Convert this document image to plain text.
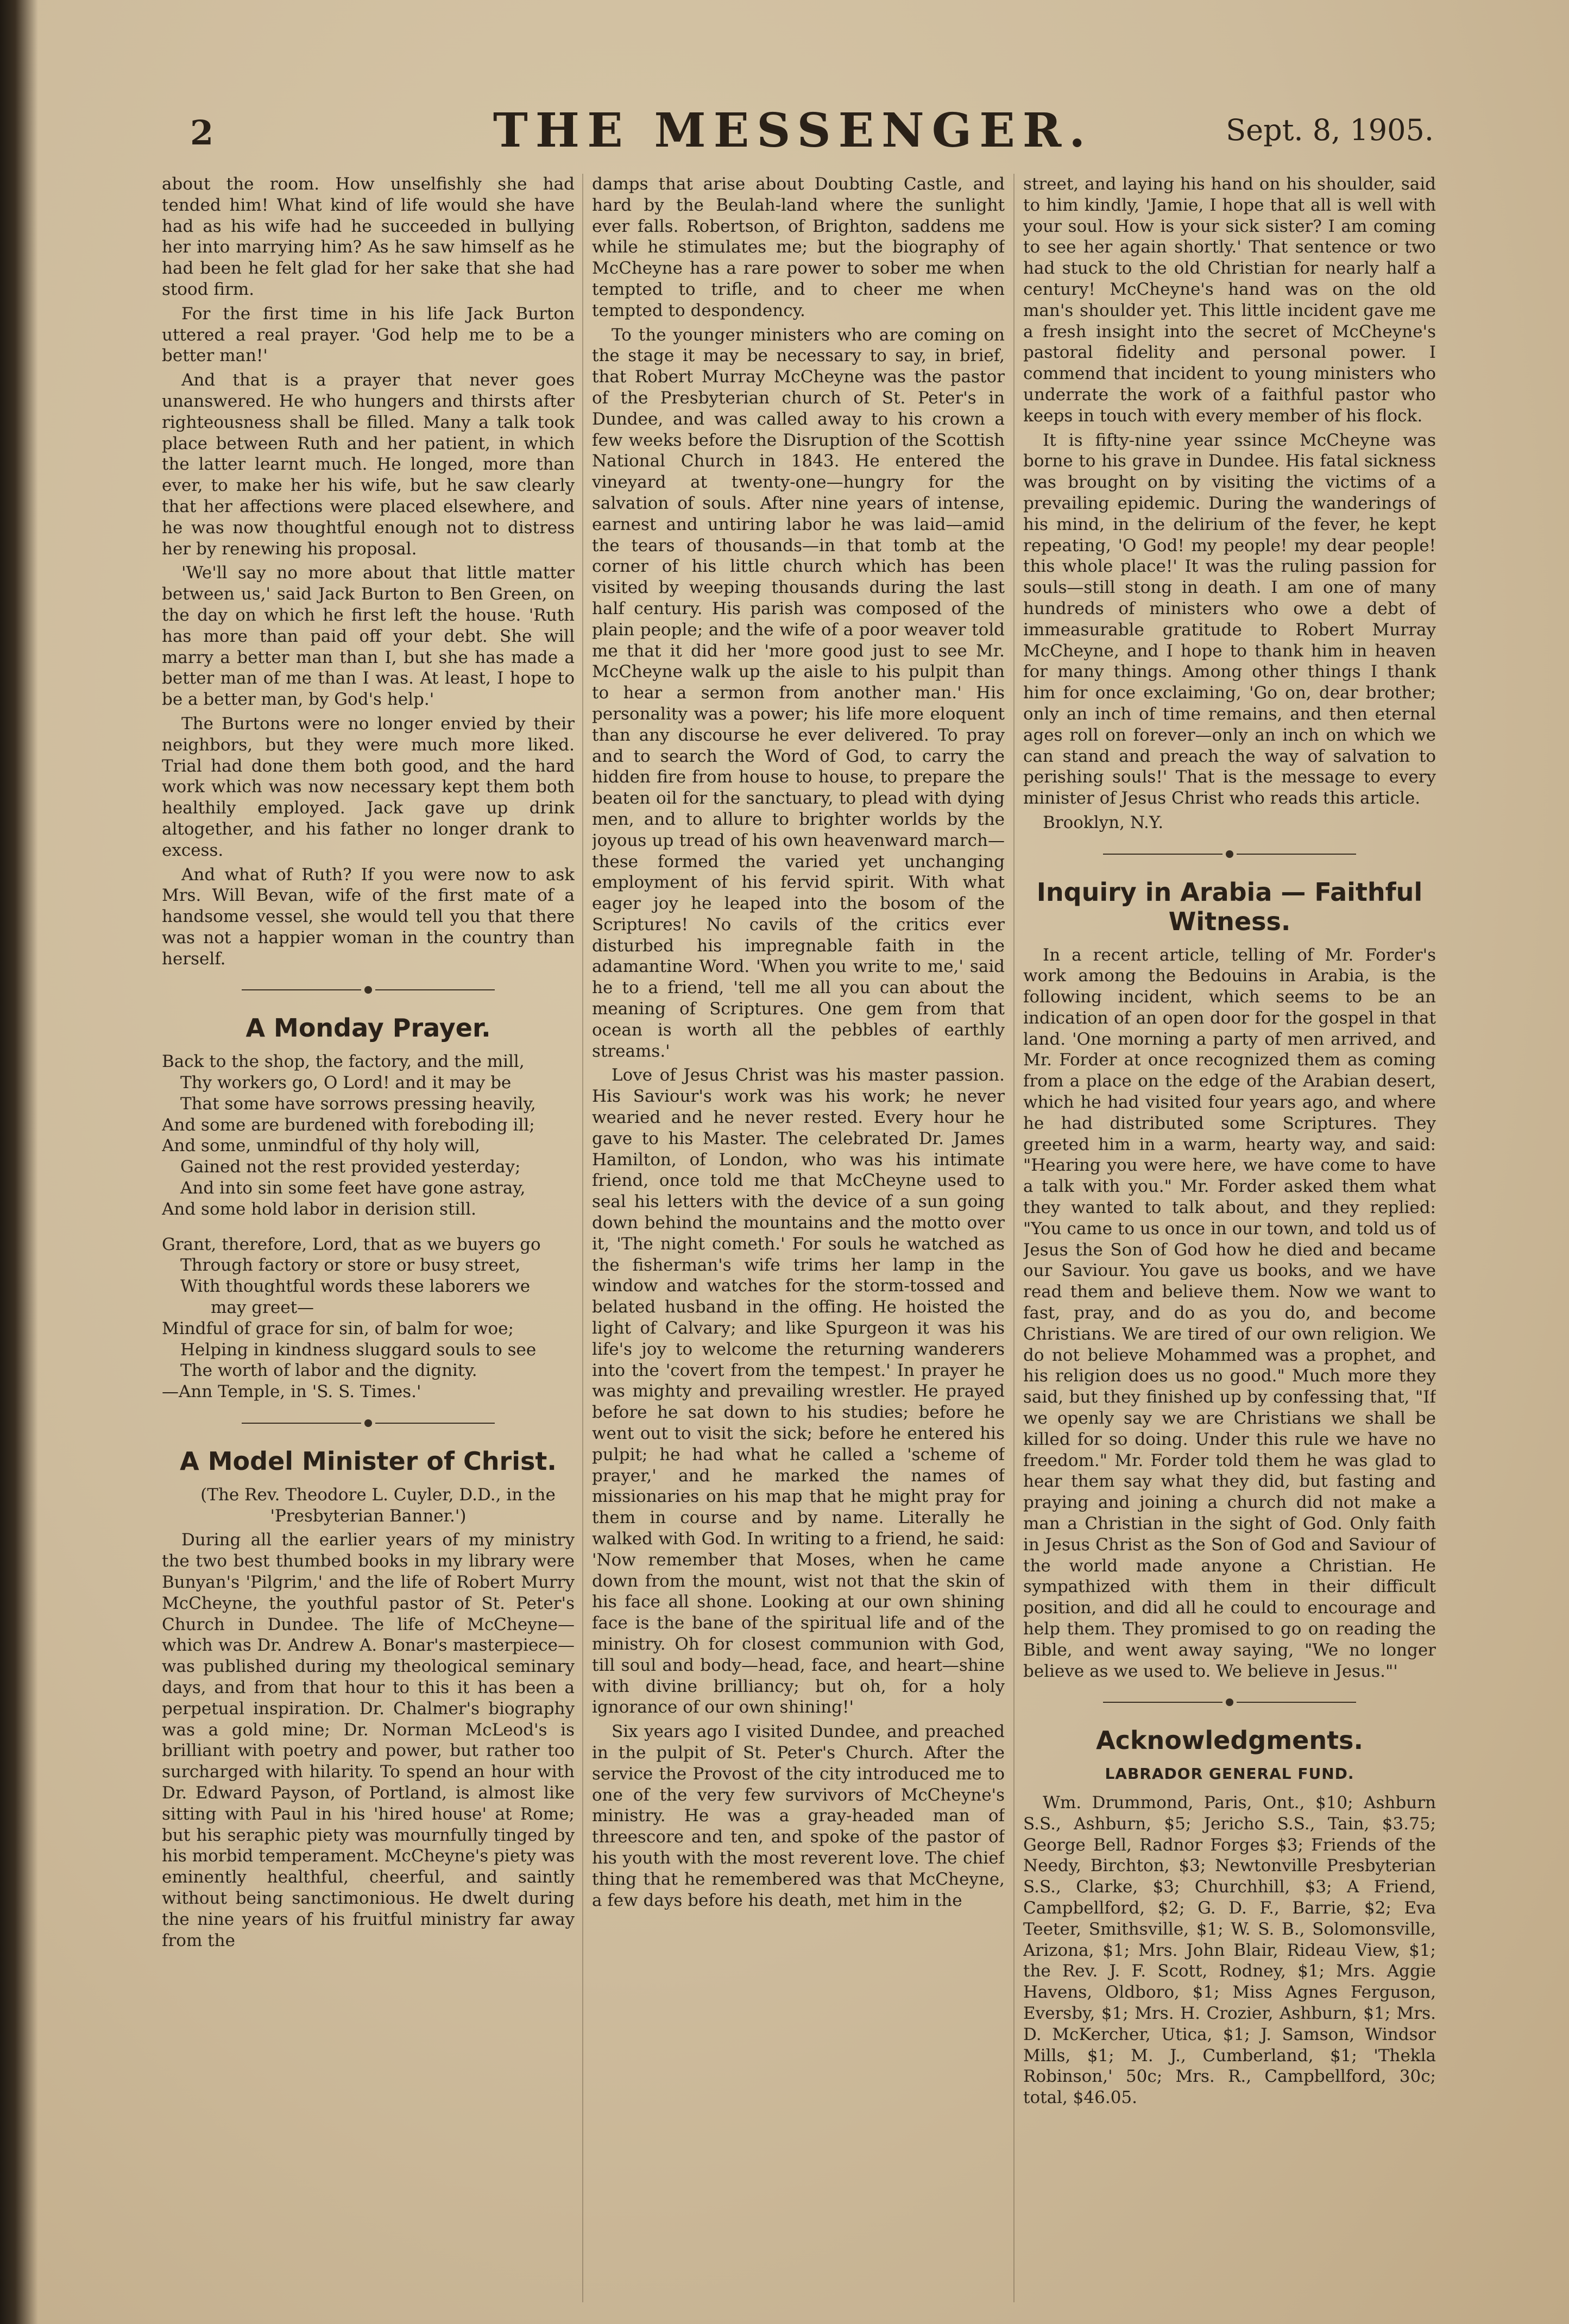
2	THE MESSENGER.	Sept. 8, 1905.

about the room. How unselfishly she had tended him! What kind of life would she have had as his wife had he succeeded in bullying her into marrying him? As he saw himself as he had been he felt glad for her sake that she had stood firm.

For the first time in his life Jack Burton uttered a real prayer. 'God help me to be a better man!'

And that is a prayer that never goes unanswered. He who hungers and thirsts after righteousness shall be filled. Many a talk took place between Ruth and her patient, in which the latter learnt much. He longed, more than ever, to make her his wife, but he saw clearly that her affections were placed elsewhere, and he was now thoughtful enough not to distress her by renewing his proposal.

'We'll say no more about that little matter between us,' said Jack Burton to Ben Green, on the day on which he first left the house. 'Ruth has more than paid off your debt. She will marry a better man than I, but she has made a better man of me than I was. At least, I hope to be a better man, by God's help.'

The Burtons were no longer envied by their neighbors, but they were much more liked. Trial had done them both good, and the hard work which was now necessary kept them both healthily employed. Jack gave up drink altogether, and his father no longer drank to excess.

And what of Ruth? If you were now to ask Mrs. Will Bevan, wife of the first mate of a handsome vessel, she would tell you that there was not a happier woman in the country than herself.

A Monday Prayer.

Back to the shop, the factory, and the mill,

Thy workers go, O Lord! and it may be

That some have sorrows pressing heavily,

And some are burdened with foreboding ill;

And some, unmindful of thy holy will,

Gained not the rest provided yesterday;

And into sin some feet have gone astray,

And some hold labor in derision still.

Grant, therefore, Lord, that as we buyers go

Through factory or store or busy street,

With thoughtful words these laborers we

may greet—

Mindful of grace for sin, of balm for woe;

Helping in kindness sluggard souls to see

The worth of labor and the dignity.

—Ann Temple, in 'S. S. Times.'

A Model Minister of Christ.

(The Rev. Theodore L. Cuyler, D.D., in the 'Presbyterian Banner.')

During all the earlier years of my ministry the two best thumbed books in my library were Bunyan's 'Pilgrim,' and the life of Robert Murry McCheyne, the youthful pastor of St. Peter's Church in Dundee. The life of McCheyne—which was Dr. Andrew A. Bonar's masterpiece—was published during my theological seminary days, and from that hour to this it has been a perpetual inspiration. Dr. Chalmer's biography was a gold mine; Dr. Norman McLeod's is brilliant with poetry and power, but rather too surcharged with hilarity. To spend an hour with Dr. Edward Payson, of Portland, is almost like sitting with Paul in his 'hired house' at Rome; but his seraphic piety was mournfully tinged by his morbid temperament. McCheyne's piety was eminently healthful, cheerful, and saintly without being sanctimonious. He dwelt during the nine years of his fruitful ministry far away from the

damps that arise about Doubting Castle, and hard by the Beulah-land where the sunlight ever falls. Robertson, of Brighton, saddens me while he stimulates me; but the biography of McCheyne has a rare power to sober me when tempted to trifle, and to cheer me when tempted to despondency.

To the younger ministers who are coming on the stage it may be necessary to say, in brief, that Robert Murray McCheyne was the pastor of the Presbyterian church of St. Peter's in Dundee, and was called away to his crown a few weeks before the Disruption of the Scottish National Church in 1843. He entered the vineyard at twenty-one—hungry for the salvation of souls. After nine years of intense, earnest and untiring labor he was laid—amid the tears of thousands—in that tomb at the corner of his little church which has been visited by weeping thousands during the last half century. His parish was composed of the plain people; and the wife of a poor weaver told me that it did her 'more good just to see Mr. McCheyne walk up the aisle to his pulpit than to hear a sermon from another man.' His personality was a power; his life more eloquent than any discourse he ever delivered. To pray and to search the Word of God, to carry the hidden fire from house to house, to prepare the beaten oil for the sanctuary, to plead with dying men, and to allure to brighter worlds by the joyous up tread of his own heavenward march—these formed the varied yet unchanging employment of his fervid spirit. With what eager joy he leaped into the bosom of the Scriptures! No cavils of the critics ever disturbed his impregnable faith in the adamantine Word. 'When you write to me,' said he to a friend, 'tell me all you can about the meaning of Scriptures. One gem from that ocean is worth all the pebbles of earthly streams.'

Love of Jesus Christ was his master passion. His Saviour's work was his work; he never wearied and he never rested. Every hour he gave to his Master. The celebrated Dr. James Hamilton, of London, who was his intimate friend, once told me that McCheyne used to seal his letters with the device of a sun going down behind the mountains and the motto over it, 'The night cometh.' For souls he watched as the fisherman's wife trims her lamp in the window and watches for the storm-tossed and belated husband in the offing. He hoisted the light of Calvary; and like Spurgeon it was his life's joy to welcome the returning wanderers into the 'covert from the tempest.' In prayer he was mighty and prevailing wrestler. He prayed before he sat down to his studies; before he went out to visit the sick; before he entered his pulpit; he had what he called a 'scheme of prayer,' and he marked the names of missionaries on his map that he might pray for them in course and by name. Literally he walked with God. In writing to a friend, he said: 'Now remember that Moses, when he came down from the mount, wist not that the skin of his face all shone. Looking at our own shining face is the bane of the spiritual life and of the ministry. Oh for closest communion with God, till soul and body—head, face, and heart—shine with divine brilliancy; but oh, for a holy ignorance of our own shining!'

Six years ago I visited Dundee, and preached in the pulpit of St. Peter's Church. After the service the Provost of the city introduced me to one of the very few survivors of McCheyne's ministry. He was a gray-headed man of threescore and ten, and spoke of the pastor of his youth with the most reverent love. The chief thing that he remembered was that McCheyne, a few days before his death, met him in the

street, and laying his hand on his shoulder, said to him kindly, 'Jamie, I hope that all is well with your soul. How is your sick sister? I am coming to see her again shortly.' That sentence or two had stuck to the old Christian for nearly half a century! McCheyne's hand was on the old man's shoulder yet. This little incident gave me a fresh insight into the secret of McCheyne's pastoral fidelity and personal power. I commend that incident to young ministers who underrate the work of a faithful pastor who keeps in touch with every member of his flock.

It is fifty-nine year ssince McCheyne was borne to his grave in Dundee. His fatal sickness was brought on by visiting the victims of a prevailing epidemic. During the wanderings of his mind, in the delirium of the fever, he kept repeating, 'O God! my people! my dear people! this whole place!' It was the ruling passion for souls—still stong in death. I am one of many hundreds of ministers who owe a debt of immeasurable gratitude to Robert Murray McCheyne, and I hope to thank him in heaven for many things. Among other things I thank him for once exclaiming, 'Go on, dear brother; only an inch of time remains, and then eternal ages roll on forever—only an inch on which we can stand and preach the way of salvation to perishing souls!' That is the message to every minister of Jesus Christ who reads this article.

Brooklyn, N.Y.

Inquiry in Arabia — Faithful Witness.

In a recent article, telling of Mr. Forder's work among the Bedouins in Arabia, is the following incident, which seems to be an indication of an open door for the gospel in that land. 'One morning a party of men arrived, and Mr. Forder at once recognized them as coming from a place on the edge of the Arabian desert, which he had visited four years ago, and where he had distributed some Scriptures. They greeted him in a warm, hearty way, and said: "Hearing you were here, we have come to have a talk with you." Mr. Forder asked them what they wanted to talk about, and they replied: "You came to us once in our town, and told us of Jesus the Son of God how he died and became our Saviour. You gave us books, and we have read them and believe them. Now we want to fast, pray, and do as you do, and become Christians. We are tired of our own religion. We do not believe Mohammed was a prophet, and his religion does us no good." Much more they said, but they finished up by confessing that, "If we openly say we are Christians we shall be killed for so doing. Under this rule we have no freedom." Mr. Forder told them he was glad to hear them say what they did, but fasting and praying and joining a church did not make a man a Christian in the sight of God. Only faith in Jesus Christ as the Son of God and Saviour of the world made anyone a Christian. He sympathized with them in their difficult position, and did all he could to encourage and help them. They promised to go on reading the Bible, and went away saying, "We no longer believe as we used to. We believe in Jesus."'

Acknowledgments.
LABRADOR GENERAL FUND.

Wm. Drummond, Paris, Ont., $10; Ashburn S.S., Ashburn, $5; Jericho S.S., Tain, $3.75; George Bell, Radnor Forges $3; Friends of the Needy, Birchton, $3; Newtonville Presbyterian S.S., Clarke, $3; Churchhill, $3; A Friend, Campbellford, $2; G. D. F., Barrie, $2; Eva Teeter, Smithsville, $1; W. S. B., Solomonsville, Arizona, $1; Mrs. John Blair, Rideau View, $1; the Rev. J. F. Scott, Rodney, $1; Mrs. Aggie Havens, Oldboro, $1; Miss Agnes Ferguson, Eversby, $1; Mrs. H. Crozier, Ashburn, $1; Mrs. D. McKercher, Utica, $1; J. Samson, Windsor Mills, $1; M. J., Cumberland, $1; 'Thekla Robinson,' 50c; Mrs. R., Campbellford, 30c; total, $46.05.
